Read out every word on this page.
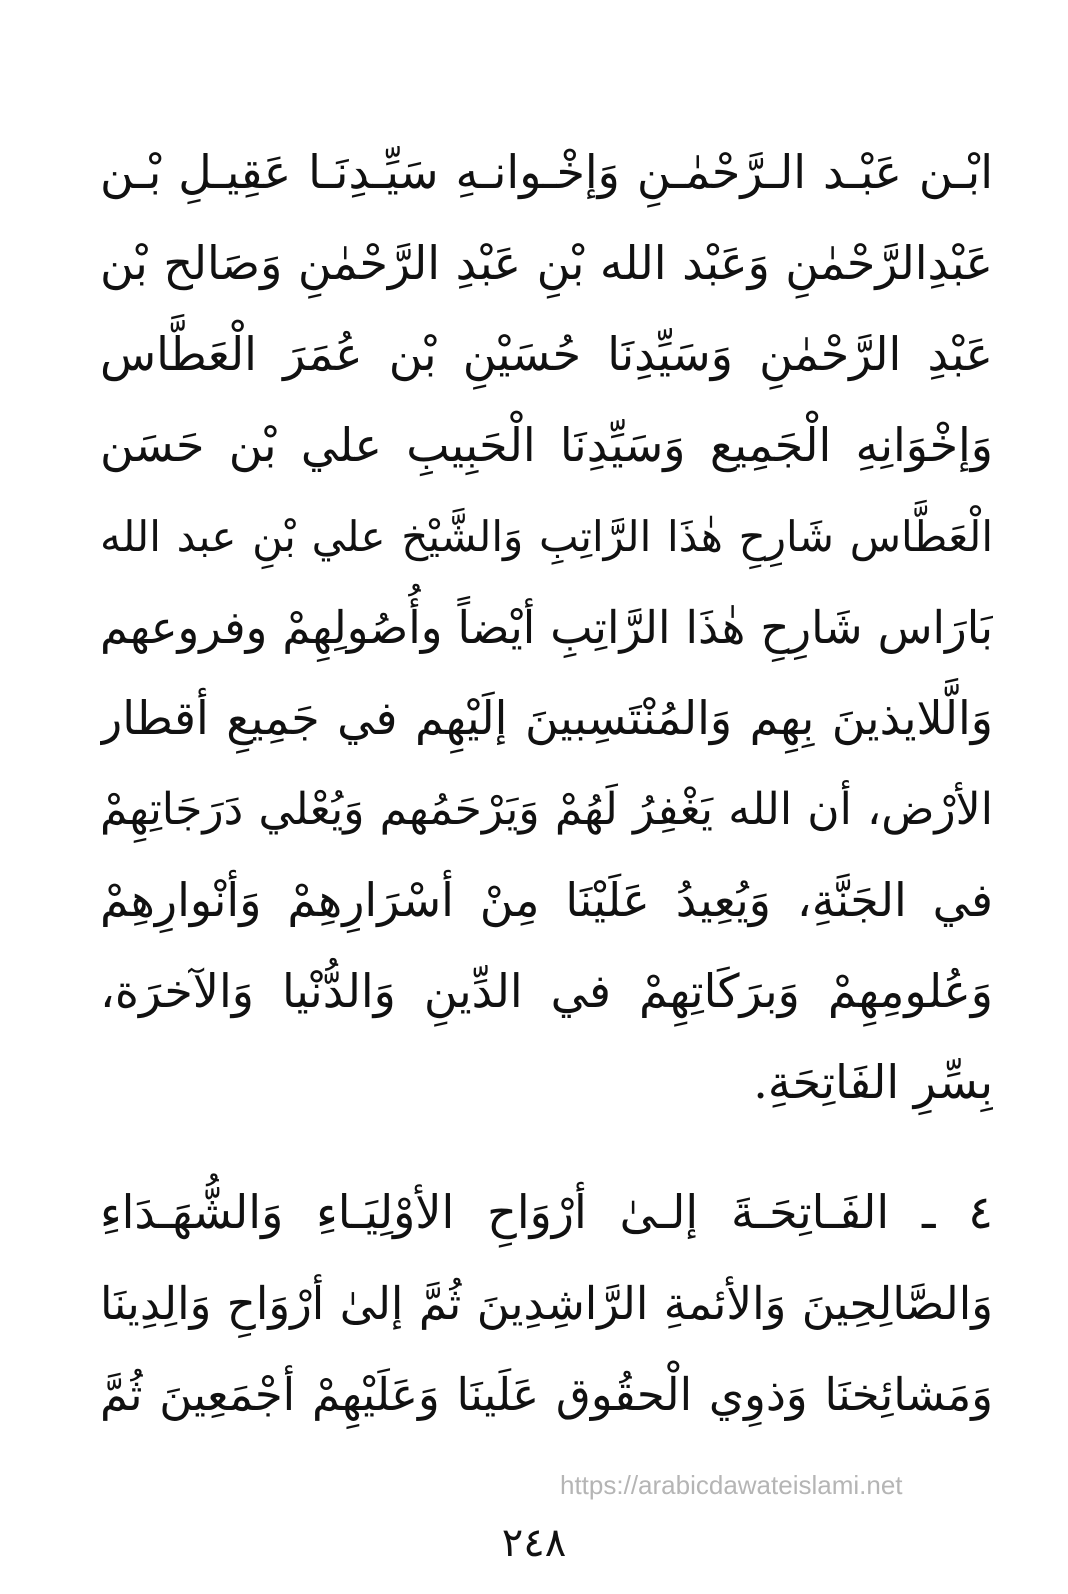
ابْـن عَبْـد الـرَّحْمٰـنِ وَإخْـوانـهِ سَيِّـدِنَـا عَقِيـلِ بْـن
عَبْدِالرَّحْمٰنِ وَعَبْد الله بْنِ عَبْدِ الرَّحْمٰنِ وَصَالح بْن
عَبْدِ الرَّحْمٰنِ وَسَيِّدِنَا حُسَيْنِ بْن عُمَرَ الْعَطَّاس
وَإخْوَانِهِ الْجَمِيع وَسَيِّدِنَا الْحَبِيبِ علي بْن حَسَن
الْعَطَّاس شَارِحِ هٰذَا الرَّاتِبِ وَالشَّيْخ علي بْنِ عبد الله
بَارَاس شَارِحِ هٰذَا الرَّاتِبِ أيْضاً وأُصُولِهِمْ وفروعهم
وَالَّلايذينَ بِهِم وَالمُنْتَسِبينَ إلَيْهِم في جَمِيعِ أقطار
الأرْض، أن الله يَغْفِرُ لَهُمْ وَيَرْحَمُهم وَيُعْلي دَرَجَاتِهِمْ
في الجَنَّةِ، وَيُعِيدُ عَلَيْنَا مِنْ أسْرَارِهِمْ وَأنْوارِهِمْ
وَعُلومِهِمْ وَبرَكَاتِهِمْ في الدِّينِ وَالدُّنْيا وَالآخرَة،
بِسِّرِ الفَاتِحَةِ.
٤ ـ الفَـاتِحَـةَ إلـىٰ أرْوَاحِ الأوْلِيَـاءِ وَالشُّهَـدَاءِ
وَالصَّالِحِينَ وَالأئمةِ الرَّاشِدِينَ ثُمَّ إلىٰ أرْوَاحِ وَالِدِينَا
وَمَشائِخنَا وَذوِي الْحقُوق عَلَينَا وَعَلَيْهِمْ أجْمَعِينَ ثُمَّ
https://arabicdawateislami.net
٢٤٨
